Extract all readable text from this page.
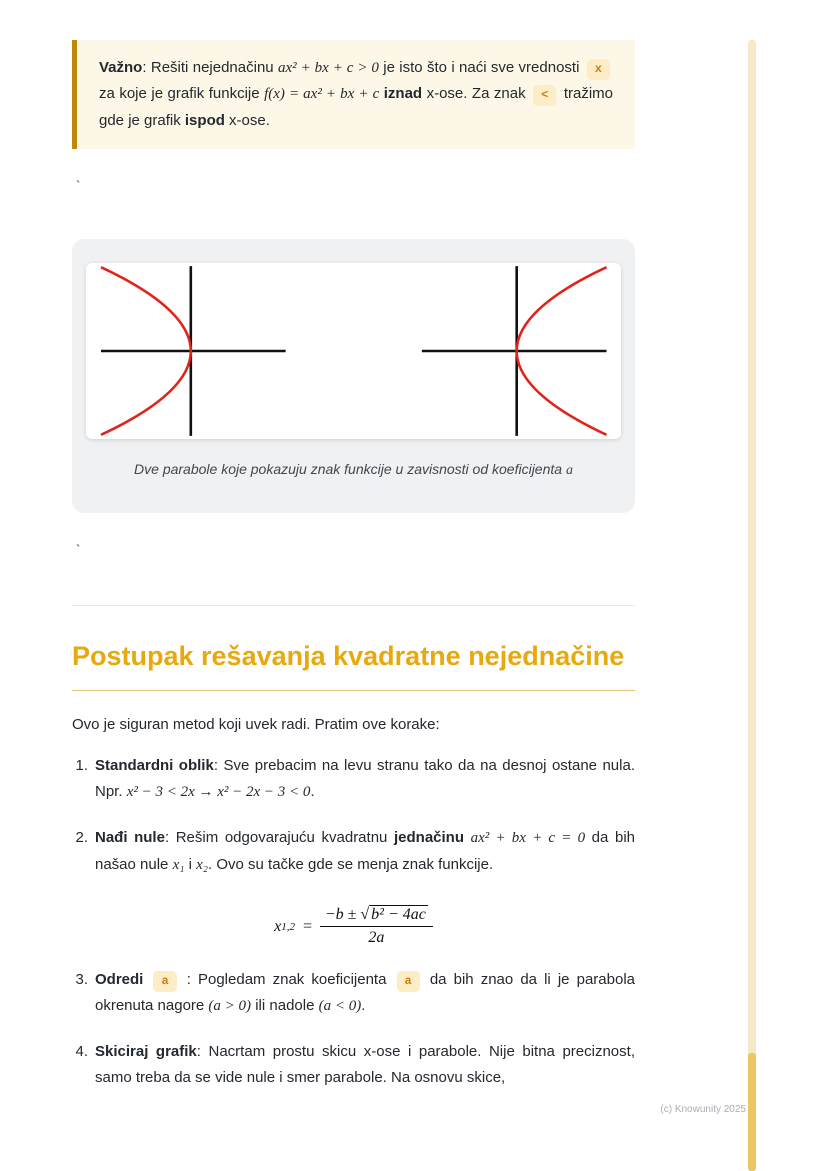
Važno: Rešiti nejednačinu ax² + bx + c > 0 je isto što i naći sve vrednosti x za koje je grafik funkcije f(x) = ax² + bx + c iznad x-ose. Za znak < tražimo gde je grafik ispod x-ose.

`
Dve parabole koje pokazuju znak funkcije u zavisnosti od koeficijenta a
`
Postupak rešavanja kvadratne nejednačine

Ovo je siguran metod koji uvek radi. Pratim ove korake:

1. Standardni oblik: Sve prebacim na levu stranu tako da na desnoj ostane nula. Npr. x² − 3 < 2x → x² − 2x − 3 < 0.
2. Nađi nule: Rešim odgovarajuću kvadratnu jednačinu ax² + bx + c = 0 da bih našao nule x₁ i x₂. Ovo su tačke gde se menja znak funkcije.
x $1,2 = \frac{\text{−b ± √ b² − 4ac}}{2a}$
3. Odredi a : Pogledam znak koeficijenta a da bih znao da li je parabola okrenuta nagore (a > 0) ili nadole (a < 0).
4. Skiciraj grafik: Nacrtam prostu skicu x-ose i parabole. Nije bitna preciznost, samo treba da se vide nule i smer parabole. Na osnovu skice,
(c) Knowunity 2025
